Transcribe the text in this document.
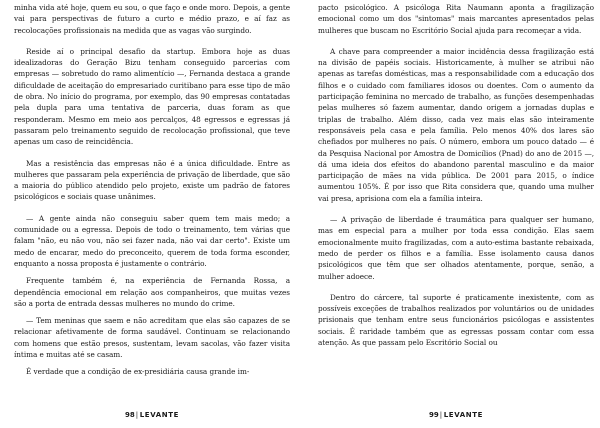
minha vida até hoje, quem eu sou, o que faço e onde moro. Depois, a gente vai para perspectivas de futuro a curto e médio prazo, e aí faz as recolocações profissionais na medida que as vagas vão surgindo.

Reside aí o principal desafio da startup. Embora hoje as duas idealizadoras do Geração Bizu tenham conseguido parcerias com empresas — sobretudo do ramo alimentício —, Fernanda destaca a grande dificuldade de aceitação do empresariado curitibano para esse tipo de mão de obra. No início do programa, por exemplo, das 90 empresas contatadas pela dupla para uma tentativa de parceria, duas foram as que responderam. Mesmo em meio aos percalços, 48 egressos e egressas já passaram pelo treinamento seguido de recolocação profissional, que teve apenas um caso de reincidência.

Mas a resistência das empresas não é a única dificuldade. Entre as mulheres que passaram pela experiência de privação de liberdade, que são a maioria do público atendido pelo projeto, existe um padrão de fatores psicológicos e sociais quase unânimes.

— A gente ainda não conseguiu saber quem tem mais medo; a comunidade ou a egressa. Depois de todo o treinamento, tem várias que falam "não, eu não vou, não sei fazer nada, não vai dar certo". Existe um medo de encarar, medo do preconceito, querem de toda forma esconder, enquanto a nossa proposta é justamente o contrário.

Frequente também é, na experiência de Fernanda Rossa, a dependência emocional em relação aos companheiros, que muitas vezes são a porta de entrada dessas mulheres no mundo do crime.

— Tem meninas que saem e não acreditam que elas são capazes de se relacionar afetivamente de forma saudável. Continuam se relacionando com homens que estão presos, sustentam, levam sacolas, vão fazer visita íntima e muitas até se casam.

É verdade que a condição de ex-presidiária causa grande im-

98|LEVANTE

pacto psicológico. A psicóloga Rita Naumann aponta a fragilização emocional como um dos "sintomas" mais marcantes apresentados pelas mulheres que buscam no Escritório Social ajuda para recomeçar a vida.

A chave para compreender a maior incidência dessa fragilização está na divisão de papéis sociais. Historicamente, à mulher se atribui não apenas as tarefas domésticas, mas a responsabilidade com a educação dos filhos e o cuidado com familiares idosos ou doentes. Com o aumento da participação feminina no mercado de trabalho, as funções desempenhadas pelas mulheres só fazem aumentar, dando origem a jornadas duplas e triplas de trabalho. Além disso, cada vez mais elas são inteiramente responsáveis pela casa e pela família. Pelo menos 40% dos lares são chefiados por mulheres no país. O número, embora um pouco datado — é da Pesquisa Nacional por Amostra de Domicílios (Pnad) do ano de 2015 —, dá uma ideia dos efeitos do abandono parental masculino e da maior participação de mães na vida pública. De 2001 para 2015, o índice aumentou 105%. É por isso que Rita considera que, quando uma mulher vai presa, aprisiona com ela a família inteira.

— A privação de liberdade é traumática para qualquer ser humano, mas em especial para a mulher por toda essa condição. Elas saem emocionalmente muito fragilizadas, com a auto-estima bastante rebaixada, medo de perder os filhos e a família. Esse isolamento causa danos psicológicos que têm que ser olhados atentamente, porque, senão, a mulher adoece.

Dentro do cárcere, tal suporte é praticamente inexistente, com as possíveis exceções de trabalhos realizados por voluntários ou de unidades prisionais que tenham entre seus funcionários psicólogas e assistentes sociais. É raridade também que as egressas possam contar com essa atenção. As que passam pelo Escritório Social ou

99|LEVANTE
